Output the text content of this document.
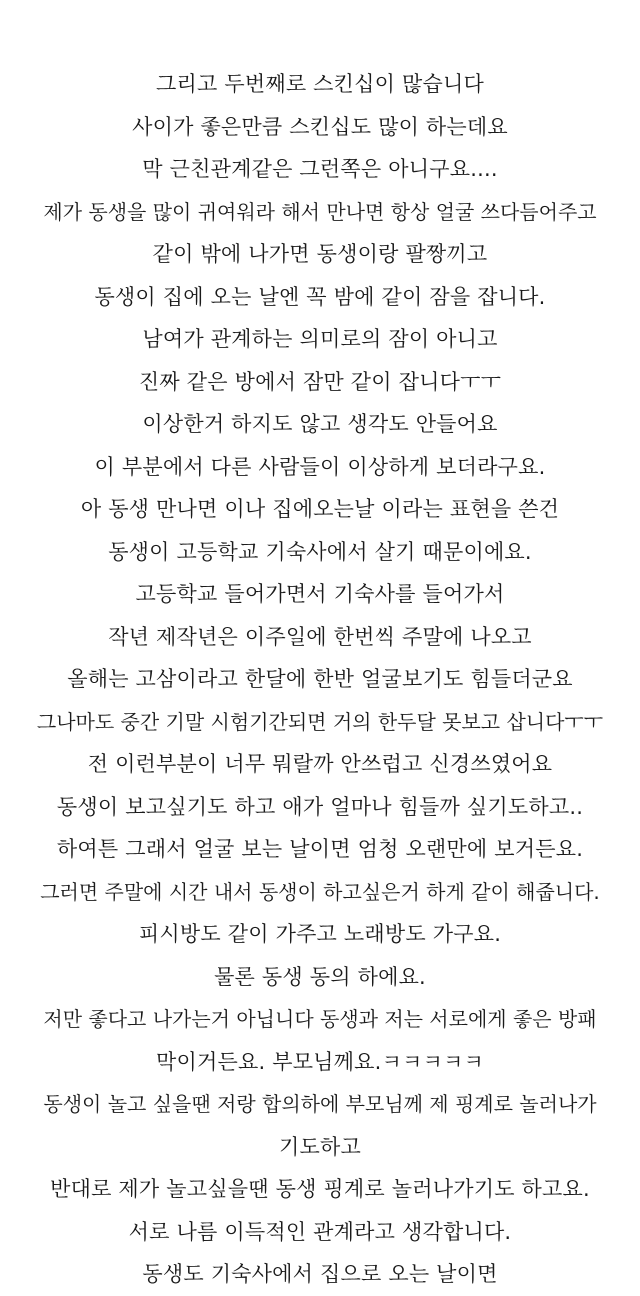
그리고 두번째로 스킨십이 많습니다
사이가 좋은만큼 스킨십도 많이 하는데요
막 근친관계같은 그런쪽은 아니구요....
제가 동생을 많이 귀여워라 해서 만나면 항상 얼굴 쓰다듬어주고
같이 밖에 나가면 동생이랑 팔짱끼고
동생이 집에 오는 날엔 꼭 밤에 같이 잠을 잡니다.
남여가 관계하는 의미로의 잠이 아니고
진짜 같은 방에서 잠만 같이 잡니다ㅜㅜ
이상한거 하지도 않고 생각도 안들어요
이 부분에서 다른 사람들이 이상하게 보더라구요.
아 동생 만나면 이나 집에오는날 이라는 표현을 쓴건
동생이 고등학교 기숙사에서 살기 때문이에요.
고등학교 들어가면서 기숙사를 들어가서
작년 제작년은 이주일에 한번씩 주말에 나오고
올해는 고삼이라고 한달에 한반 얼굴보기도 힘들더군요
그나마도 중간 기말 시험기간되면 거의 한두달 못보고 삽니다ㅜㅜ
전 이런부분이 너무 뭐랄까 안쓰럽고 신경쓰였어요
동생이 보고싶기도 하고 애가 얼마나 힘들까 싶기도하고..
하여튼 그래서 얼굴 보는 날이면 엄청 오랜만에 보거든요.
그러면 주말에 시간 내서 동생이 하고싶은거 하게 같이 해줍니다.
피시방도 같이 가주고 노래방도 가구요.
물론 동생 동의 하에요.
저만 좋다고 나가는거 아닙니다 동생과 저는 서로에게 좋은 방패
막이거든요. 부모님께요.ㅋㅋㅋㅋㅋ
동생이 놀고 싶을땐 저랑 합의하에 부모님께 제 핑계로 놀러나가
기도하고
반대로 제가 놀고싶을땐 동생 핑계로 놀러나가기도 하고요.
서로 나름 이득적인 관계라고 생각합니다.
동생도 기숙사에서 집으로 오는 날이면
